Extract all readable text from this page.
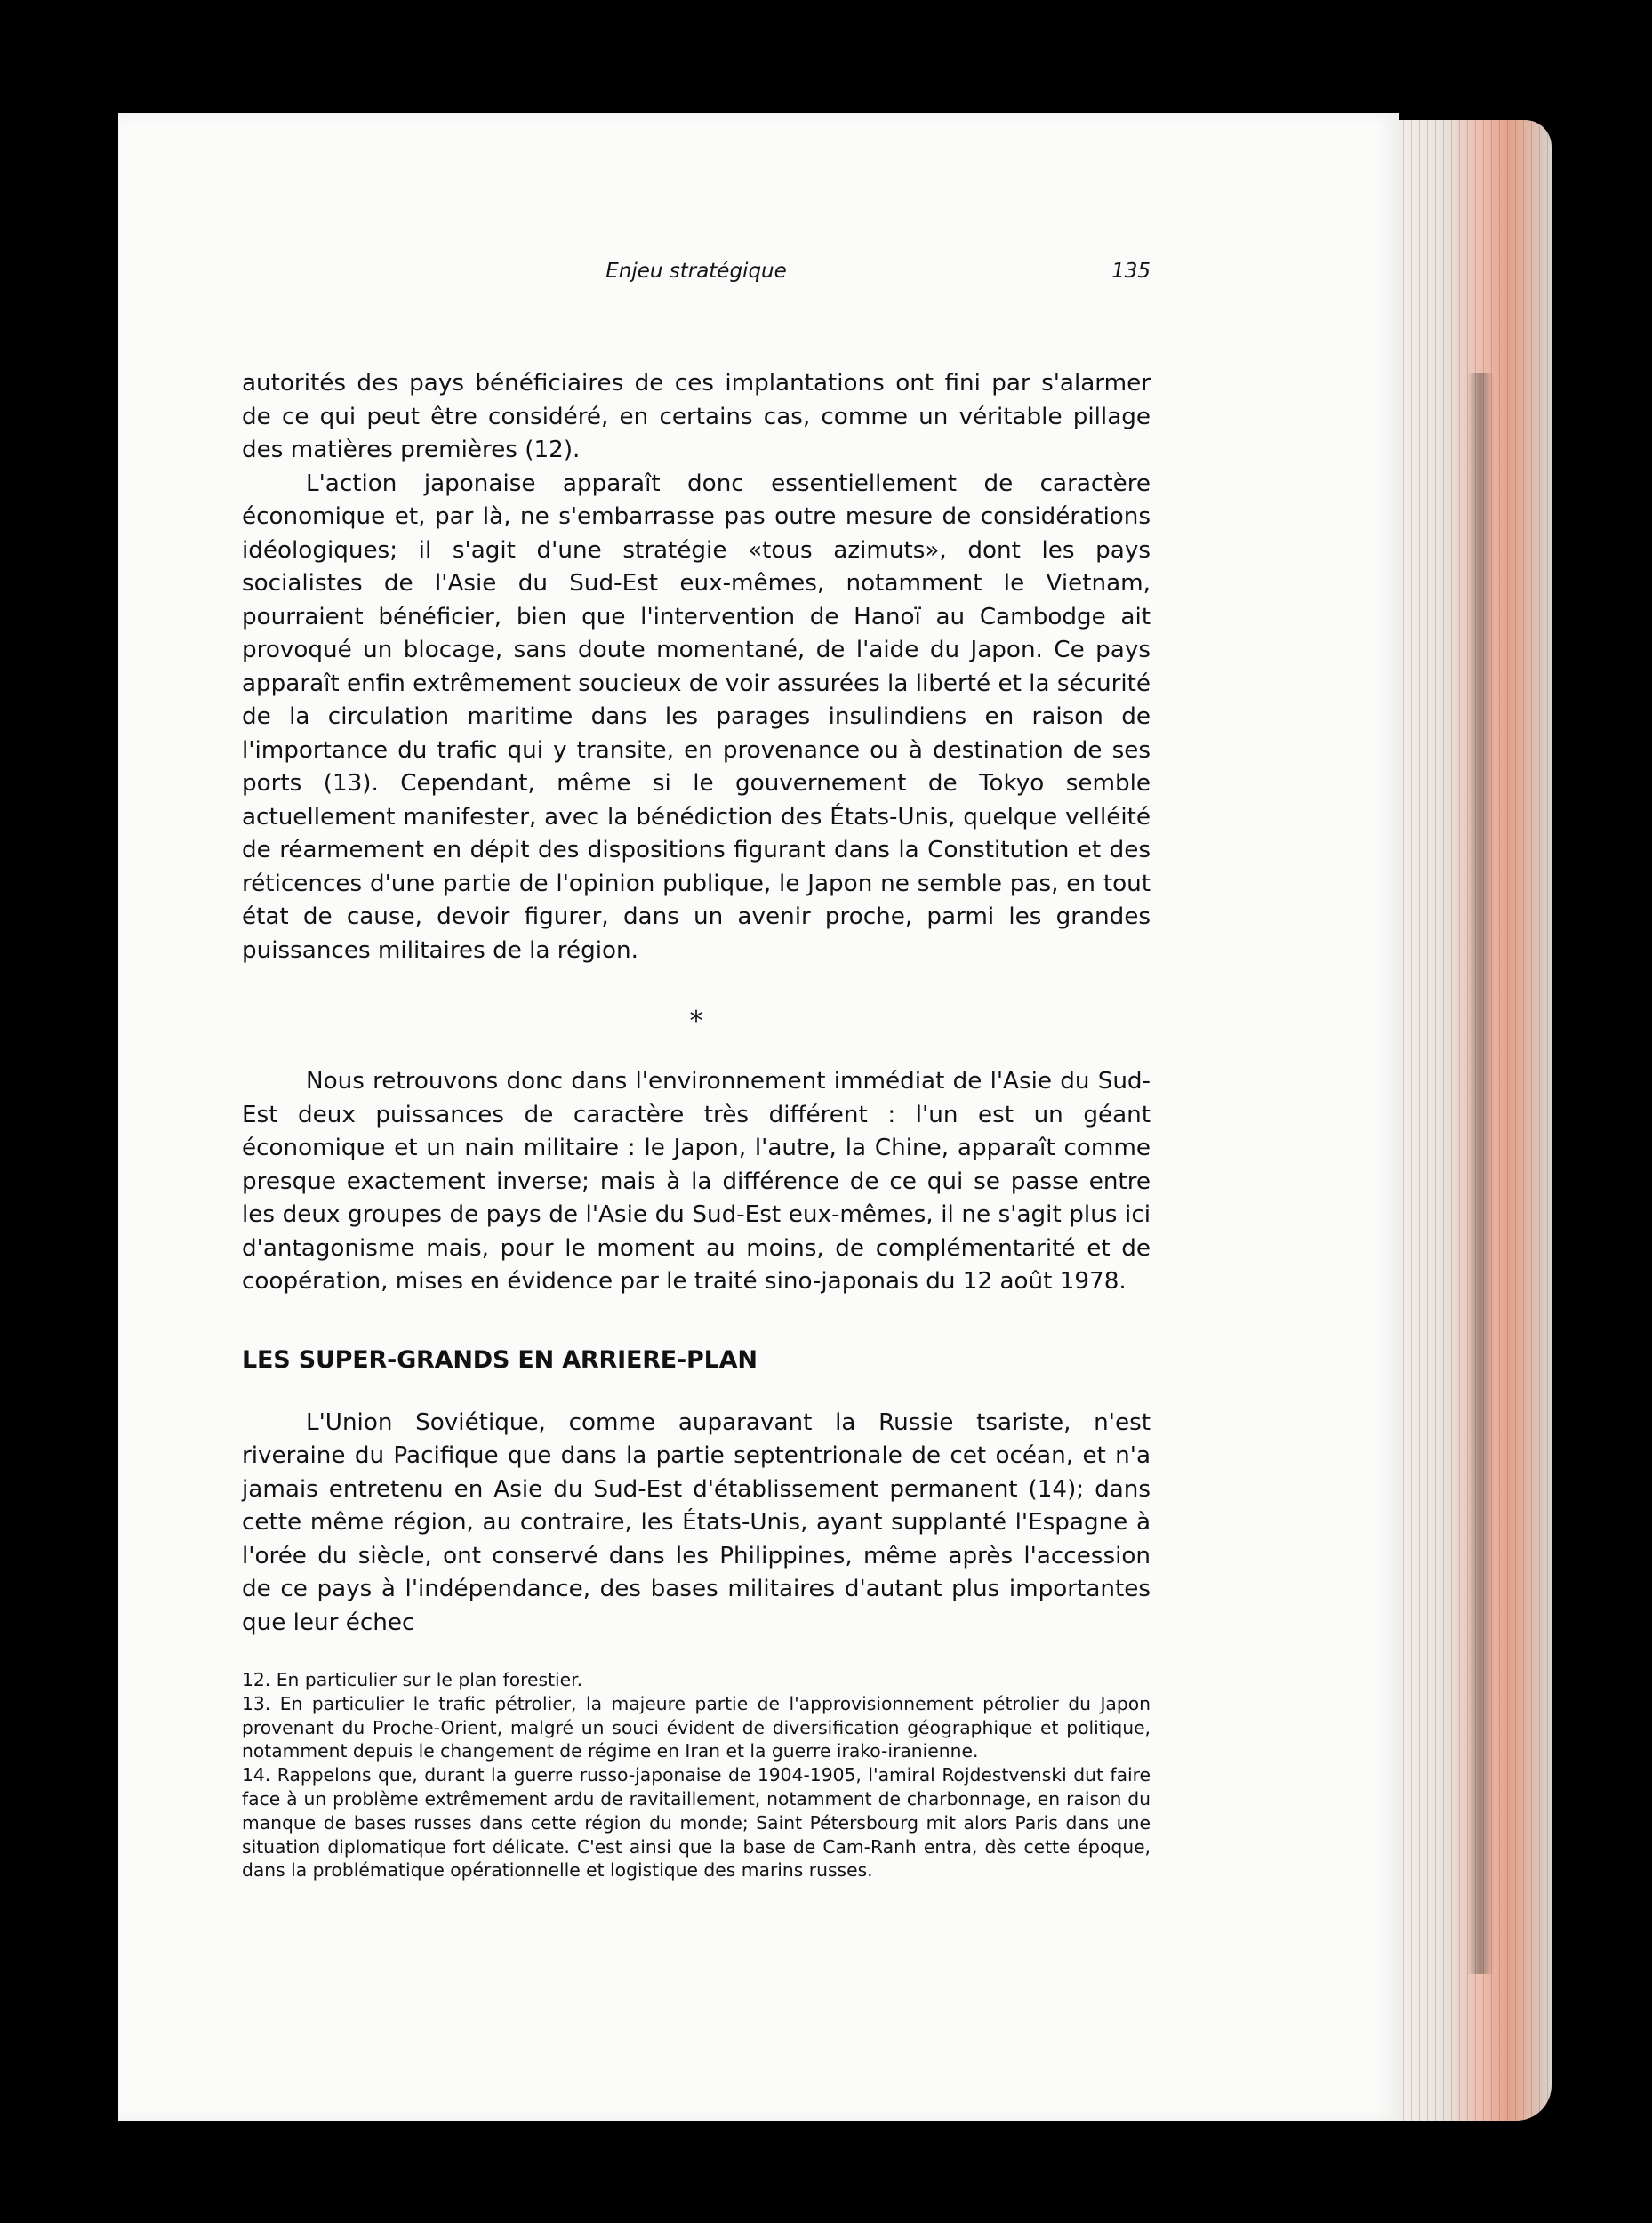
Enjeu stratégique	135

autorités des pays bénéficiaires de ces implantations ont fini par s'alarmer de ce qui peut être considéré, en certains cas, comme un véritable pillage des matières premières (12).

L'action japonaise apparaît donc essentiellement de caractère économique et, par là, ne s'embarrasse pas outre mesure de considérations idéologiques; il s'agit d'une stratégie «tous azimuts», dont les pays socialistes de l'Asie du Sud-Est eux-mêmes, notamment le Vietnam, pourraient bénéficier, bien que l'intervention de Hanoï au Cambodge ait provoqué un blocage, sans doute momentané, de l'aide du Japon. Ce pays apparaît enfin extrêmement soucieux de voir assurées la liberté et la sécurité de la circulation maritime dans les parages insulindiens en raison de l'importance du trafic qui y transite, en provenance ou à destination de ses ports (13). Cependant, même si le gouvernement de Tokyo semble actuellement manifester, avec la bénédiction des États-Unis, quelque velléité de réarmement en dépit des dispositions figurant dans la Constitution et des réticences d'une partie de l'opinion publique, le Japon ne semble pas, en tout état de cause, devoir figurer, dans un avenir proche, parmi les grandes puissances militaires de la région.

*

Nous retrouvons donc dans l'environnement immédiat de l'Asie du Sud-Est deux puissances de caractère très différent : l'un est un géant économique et un nain militaire : le Japon, l'autre, la Chine, apparaît comme presque exactement inverse; mais à la différence de ce qui se passe entre les deux groupes de pays de l'Asie du Sud-Est eux-mêmes, il ne s'agit plus ici d'antagonisme mais, pour le moment au moins, de complémentarité et de coopération, mises en évidence par le traité sino-japonais du 12 août 1978.

LES SUPER-GRANDS EN ARRIERE-PLAN

L'Union Soviétique, comme auparavant la Russie tsariste, n'est riveraine du Pacifique que dans la partie septentrionale de cet océan, et n'a jamais entretenu en Asie du Sud-Est d'établissement permanent (14); dans cette même région, au contraire, les États-Unis, ayant supplanté l'Espagne à l'orée du siècle, ont conservé dans les Philippines, même après l'accession de ce pays à l'indépendance, des bases militaires d'autant plus importantes que leur échec

12. En particulier sur le plan forestier.

13. En particulier le trafic pétrolier, la majeure partie de l'approvisionnement pétrolier du Japon provenant du Proche-Orient, malgré un souci évident de diversification géographique et politique, notamment depuis le changement de régime en Iran et la guerre irako-iranienne.

14. Rappelons que, durant la guerre russo-japonaise de 1904-1905, l'amiral Rojdestvenski dut faire face à un problème extrêmement ardu de ravitaillement, notamment de charbonnage, en raison du manque de bases russes dans cette région du monde; Saint Pétersbourg mit alors Paris dans une situation diplomatique fort délicate. C'est ainsi que la base de Cam-Ranh entra, dès cette époque, dans la problématique opérationnelle et logistique des marins russes.
